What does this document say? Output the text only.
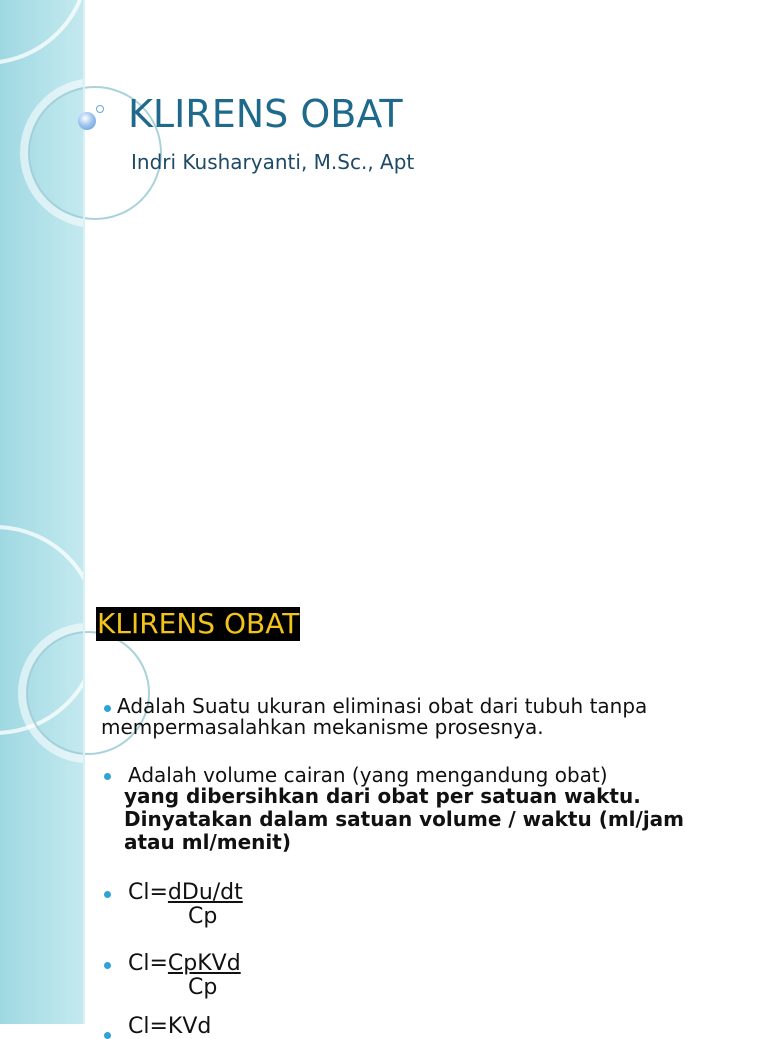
KLIRENS OBAT
Indri Kusharyanti, M.Sc., Apt
KLIRENS OBAT

Adalah Suatu ukuran eliminasi obat dari tubuh tanpa

mempermasalahkan mekanisme prosesnya.

Adalah volume cairan (yang mengandung obat)

yang dibersihkan dari obat per satuan waktu.

Dinyatakan dalam satuan volume / waktu (ml/jam

atau ml/menit)

Cl=dDu/dt
Cp
Cl=CpKVd
Cp
Cl=KVd
